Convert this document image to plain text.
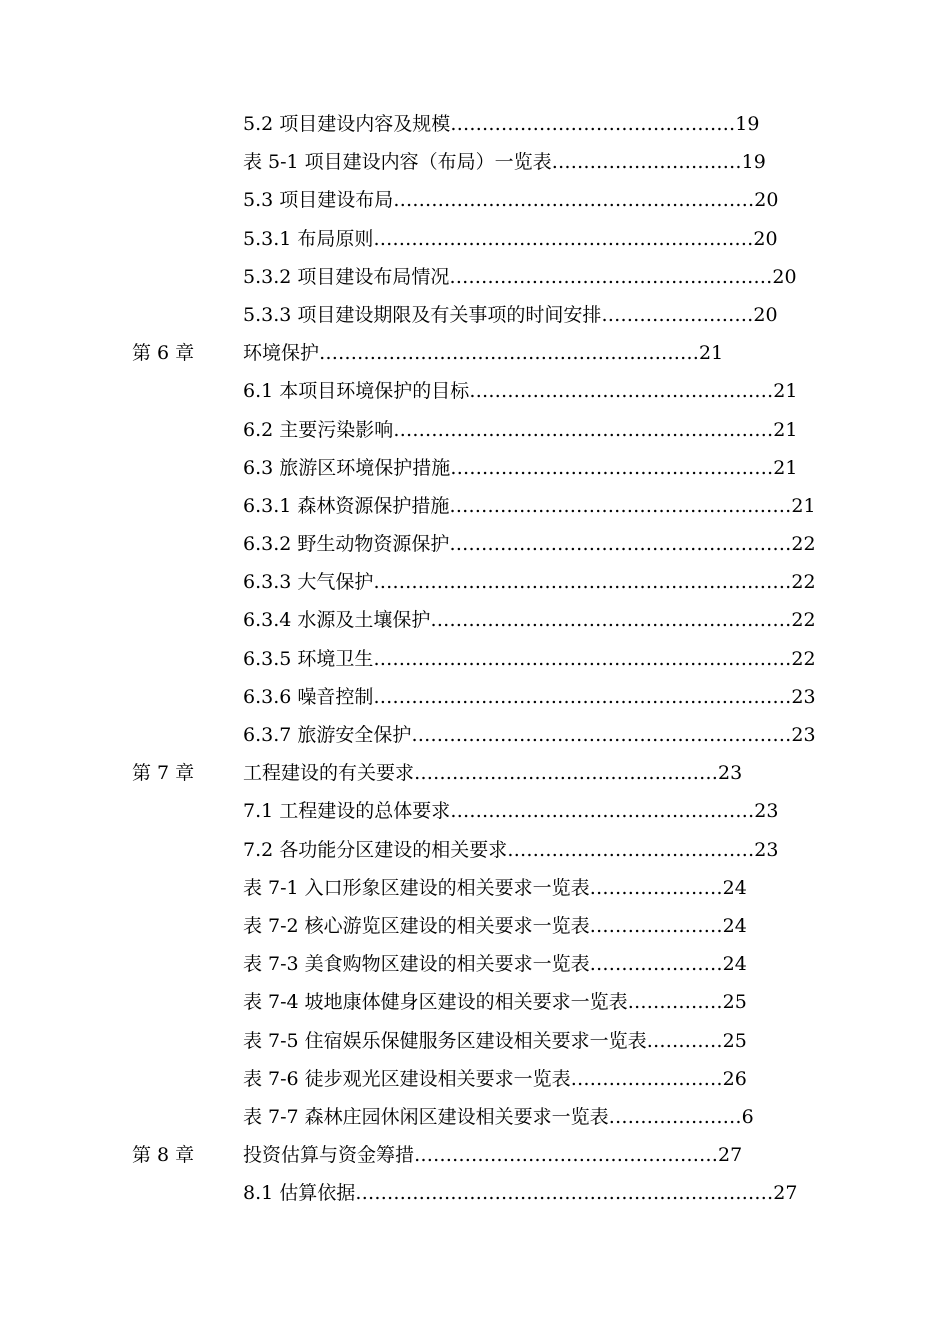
5.2 项目建设内容及规模………………………………………19
表 5-1 项目建设内容（布局）一览表…………………………19
5.3 项目建设布局…………………………………………………20
5.3.1 布局原则……………………………………………………20
5.3.2 项目建设布局情况……………………………………………20
5.3.3 项目建设期限及有关事项的时间安排……………………20
第 6 章	环境保护……………………………………………………21
6.1 本项目环境保护的目标…………………………………………21
6.2 主要污染影响……………………………………………………21
6.3 旅游区环境保护措施……………………………………………21
6.3.1 森林资源保护措施………………………………………………21
6.3.2 野生动物资源保护………………………………………………22
6.3.3 大气保护…………………………………………………………22
6.3.4 水源及土壤保护…………………………………………………22
6.3.5 环境卫生…………………………………………………………22
6.3.6 噪音控制…………………………………………………………23
6.3.7 旅游安全保护……………………………………………………23
第 7 章	工程建设的有关要求…………………………………………23
7.1 工程建设的总体要求…………………………………………23
7.2 各功能分区建设的相关要求…………………………………23
表 7-1 入口形象区建设的相关要求一览表…………………24
表 7-2 核心游览区建设的相关要求一览表…………………24
表 7-3 美食购物区建设的相关要求一览表…………………24
表 7-4 坡地康体健身区建设的相关要求一览表……………25
表 7-5 住宿娱乐保健服务区建设相关要求一览表…………25
表 7-6 徒步观光区建设相关要求一览表……………………26
表 7-7 森林庄园休闲区建设相关要求一览表…………………6
第 8 章	投资估算与资金筹措…………………………………………27
8.1 估算依据…………………………………………………………27
